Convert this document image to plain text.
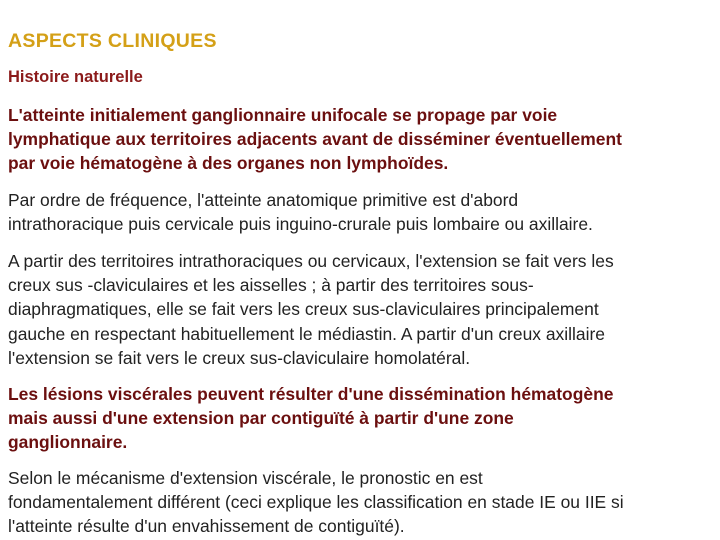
ASPECTS CLINIQUES
Histoire naturelle
L'atteinte initialement ganglionnaire unifocale se propage par voie
lymphatique aux territoires adjacents avant de disséminer éventuellement
par voie hématogène à des organes non lymphoïdes.
Par ordre de fréquence, l'atteinte anatomique primitive est d'abord
intrathoracique puis cervicale puis inguino-crurale puis lombaire ou axillaire.
A partir des territoires intrathoraciques ou cervicaux, l'extension se fait vers les
creux sus -claviculaires et les aisselles ; à partir des territoires sous-
diaphragmatiques, elle se fait vers les creux sus-claviculaires principalement
gauche en respectant habituellement le médiastin. A partir d'un creux axillaire
l'extension se fait vers le creux sus-claviculaire homolatéral.
Les lésions viscérales peuvent résulter d'une dissémination hématogène
mais aussi d'une extension par contiguïté à partir d'une zone
ganglionnaire.
Selon le mécanisme d'extension viscérale, le pronostic en est
fondamentalement différent (ceci explique les classification en stade IE ou IIE si
l'atteinte résulte d'un envahissement de contiguïté).
